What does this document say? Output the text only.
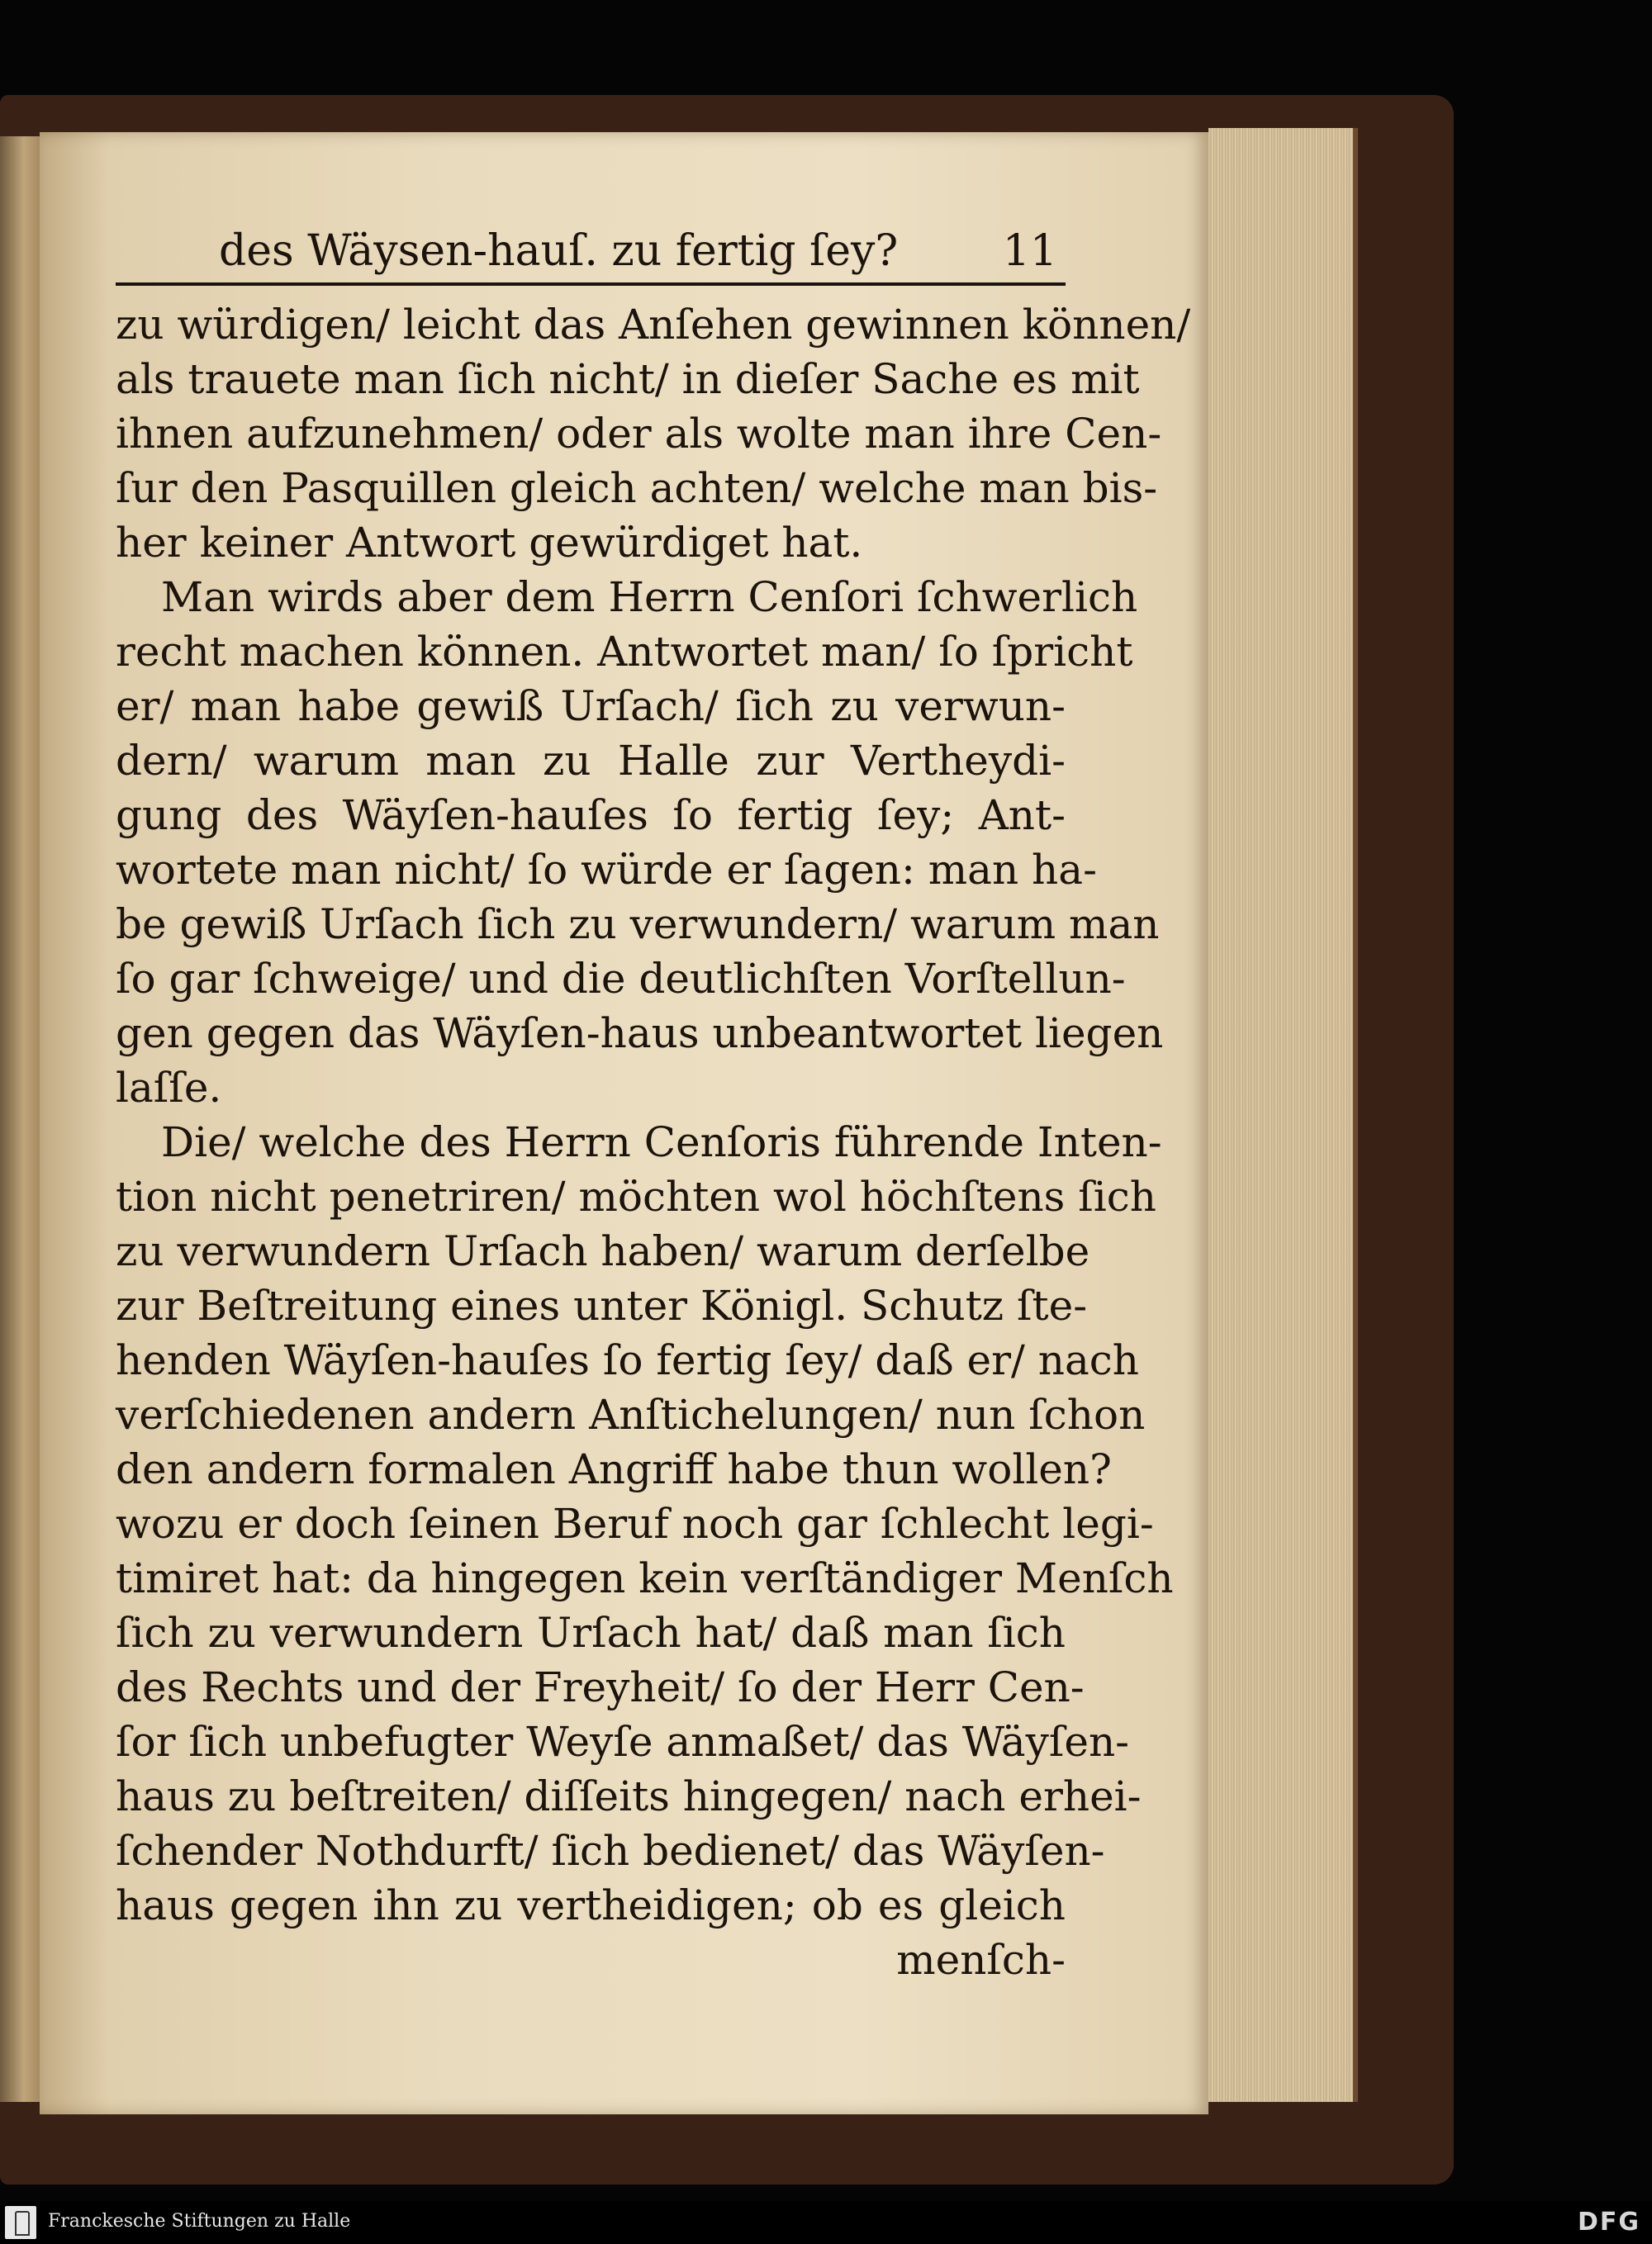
des Wäysen-hauſ. zu fertig ſey? 11
zu würdigen/ leicht das Anſehen gewinnen können/
als trauete man ſich nicht/ in dieſer Sache es mit
ihnen aufzunehmen/ oder als wolte man ihre Cen-
ſur den Pasquillen gleich achten/ welche man bis-
her keiner Antwort gewürdiget hat.
Man wirds aber dem Herrn Cenſori ſchwerlich
recht machen können. Antwortet man/ ſo ſpricht
er/ man habe gewiß Urſach/ ſich zu verwun-
dern/ warum man zu Halle zur Vertheydi-
gung des Wäyſen-hauſes ſo fertig ſey; Ant-
wortete man nicht/ ſo würde er ſagen: man ha-
be gewiß Urſach ſich zu verwundern/ warum man
ſo gar ſchweige/ und die deutlichſten Vorſtellun-
gen gegen das Wäyſen-haus unbeantwortet liegen
laſſe.
Die/ welche des Herrn Cenſoris führende Inten-
tion nicht penetriren/ möchten wol höchſtens ſich
zu verwundern Urſach haben/ warum derſelbe
zur Beſtreitung eines unter Königl. Schutz ſte-
henden Wäyſen-hauſes ſo fertig ſey/ daß er/ nach
verſchiedenen andern Anſtichelungen/ nun ſchon
den andern formalen Angriff habe thun wollen?
wozu er doch ſeinen Beruf noch gar ſchlecht legi-
timiret hat: da hingegen kein verſtändiger Menſch
ſich zu verwundern Urſach hat/ daß man ſich
des Rechts und der Freyheit/ ſo der Herr Cen-
ſor ſich unbefugter Weyſe anmaßet/ das Wäyſen-
haus zu beſtreiten/ diſſeits hingegen/ nach erhei-
ſchender Nothdurft/ ſich bedienet/ das Wäyſen-
haus gegen ihn zu vertheidigen; ob es gleich
menſch-
Franckesche Stiftungen zu Halle	DFG
